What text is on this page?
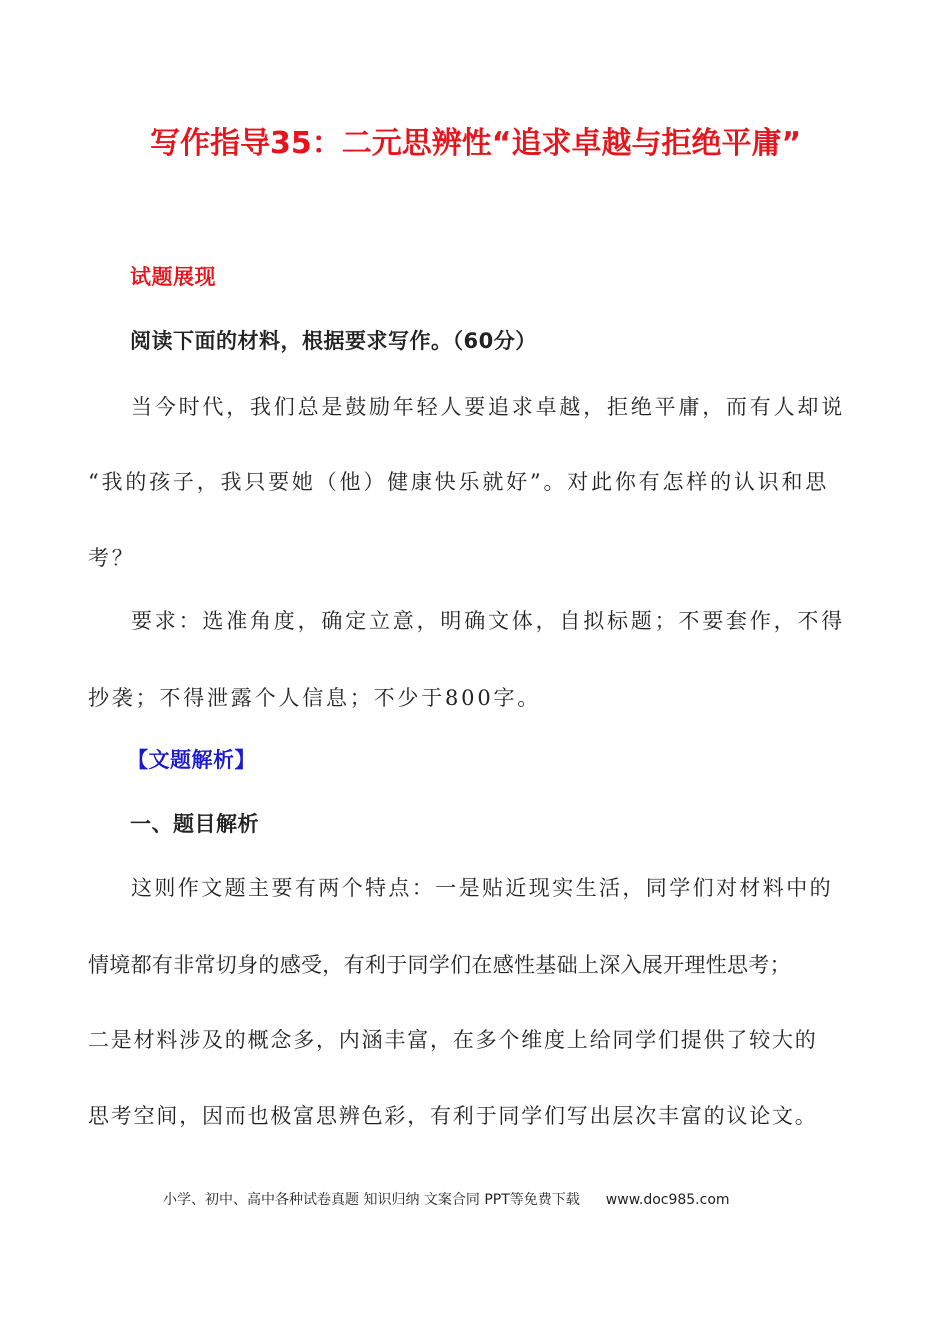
写作指导35：二元思辨性“追求卓越与拒绝平庸”

试题展现

阅读下面的材料，根据要求写作。（60分）

当今时代，我们总是鼓励年轻人要追求卓越，拒绝平庸，而有人却说

“我的孩子，我只要她（他）健康快乐就好”。对此你有怎样的认识和思

考？

要求：选准角度，确定立意，明确文体，自拟标题；不要套作，不得

抄袭；不得泄露个人信息；不少于800字。

【文题解析】

一、题目解析

这则作文题主要有两个特点：一是贴近现实生活，同学们对材料中的

情境都有非常切身的感受，有利于同学们在感性基础上深入展开理性思考；

二是材料涉及的概念多，内涵丰富，在多个维度上给同学们提供了较大的

思考空间，因而也极富思辨色彩，有利于同学们写出层次丰富的议论文。

小学、初中、高中各种试卷真题 知识归纳 文案合同 PPT等免费下载 www.doc985.com
